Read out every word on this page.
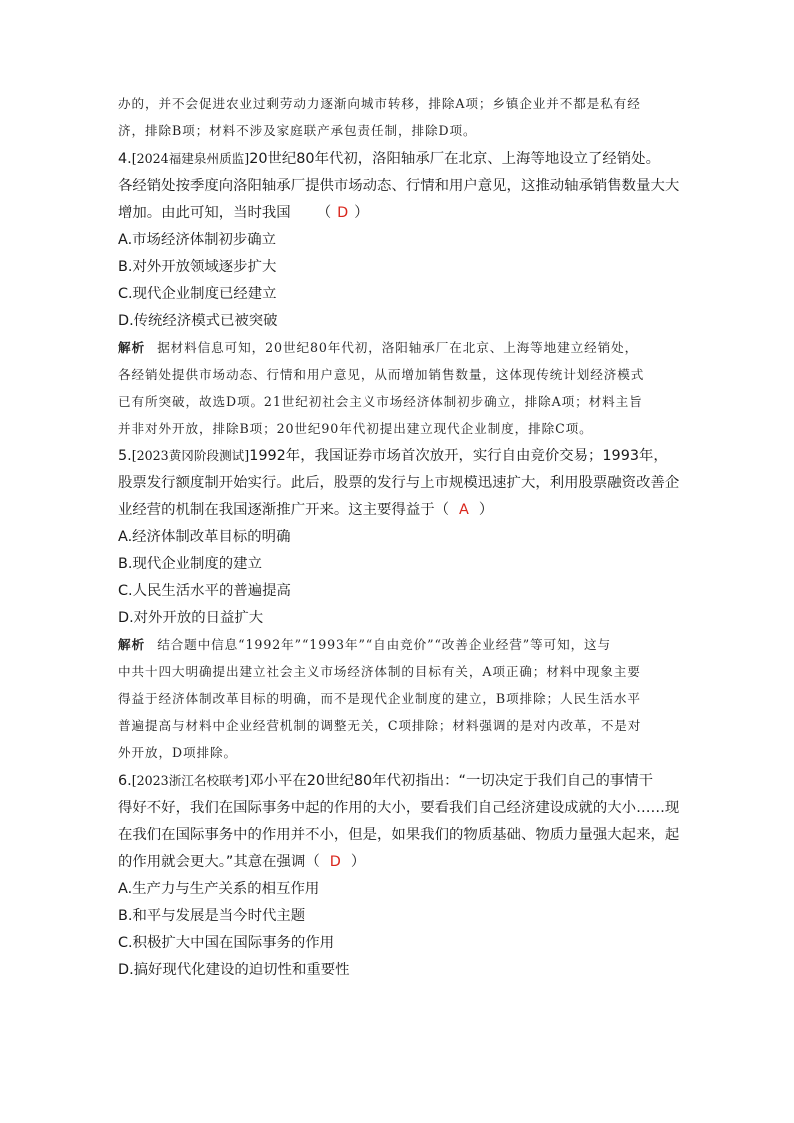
办的，并不会促进农业过剩劳动力逐渐向城市转移，排除A项；乡镇企业并不都是私有经
济，排除B项；材料不涉及家庭联产承包责任制，排除D项。
4.[2024福建泉州质监]20世纪80年代初，洛阳轴承厂在北京、上海等地设立了经销处。
各经销处按季度向洛阳轴承厂提供市场动态、行情和用户意见，这推动轴承销售数量大大
增加。由此可知，当时我国 （ D ）
A.市场经济体制初步确立
B.对外开放领域逐步扩大
C.现代企业制度已经建立
D.传统经济模式已被突破
解析 据材料信息可知，20世纪80年代初，洛阳轴承厂在北京、上海等地建立经销处，
各经销处提供市场动态、行情和用户意见，从而增加销售数量，这体现传统计划经济模式
已有所突破，故选D项。21世纪初社会主义市场经济体制初步确立，排除A项；材料主旨
并非对外开放，排除B项；20世纪90年代初提出建立现代企业制度，排除C项。
5.[2023黄冈阶段测试]1992年，我国证券市场首次放开，实行自由竞价交易；1993年，
股票发行额度制开始实行。此后，股票的发行与上市规模迅速扩大，利用股票融资改善企
业经营的机制在我国逐渐推广开来。这主要得益于（ A ）
A.经济体制改革目标的明确
B.现代企业制度的建立
C.人民生活水平的普遍提高
D.对外开放的日益扩大
解析 结合题中信息“1992年”“1993年”“自由竞价”“改善企业经营”等可知，这与
中共十四大明确提出建立社会主义市场经济体制的目标有关，A项正确；材料中现象主要
得益于经济体制改革目标的明确，而不是现代企业制度的建立，B项排除；人民生活水平
普遍提高与材料中企业经营机制的调整无关，C项排除；材料强调的是对内改革，不是对
外开放，D项排除。
6.[2023浙江名校联考]邓小平在20世纪80年代初指出：“一切决定于我们自己的事情干
得好不好，我们在国际事务中起的作用的大小，要看我们自己经济建设成就的大小……现
在我们在国际事务中的作用并不小，但是，如果我们的物质基础、物质力量强大起来，起
的作用就会更大。”其意在强调（ D ）
A.生产力与生产关系的相互作用
B.和平与发展是当今时代主题
C.积极扩大中国在国际事务的作用
D.搞好现代化建设的迫切性和重要性
